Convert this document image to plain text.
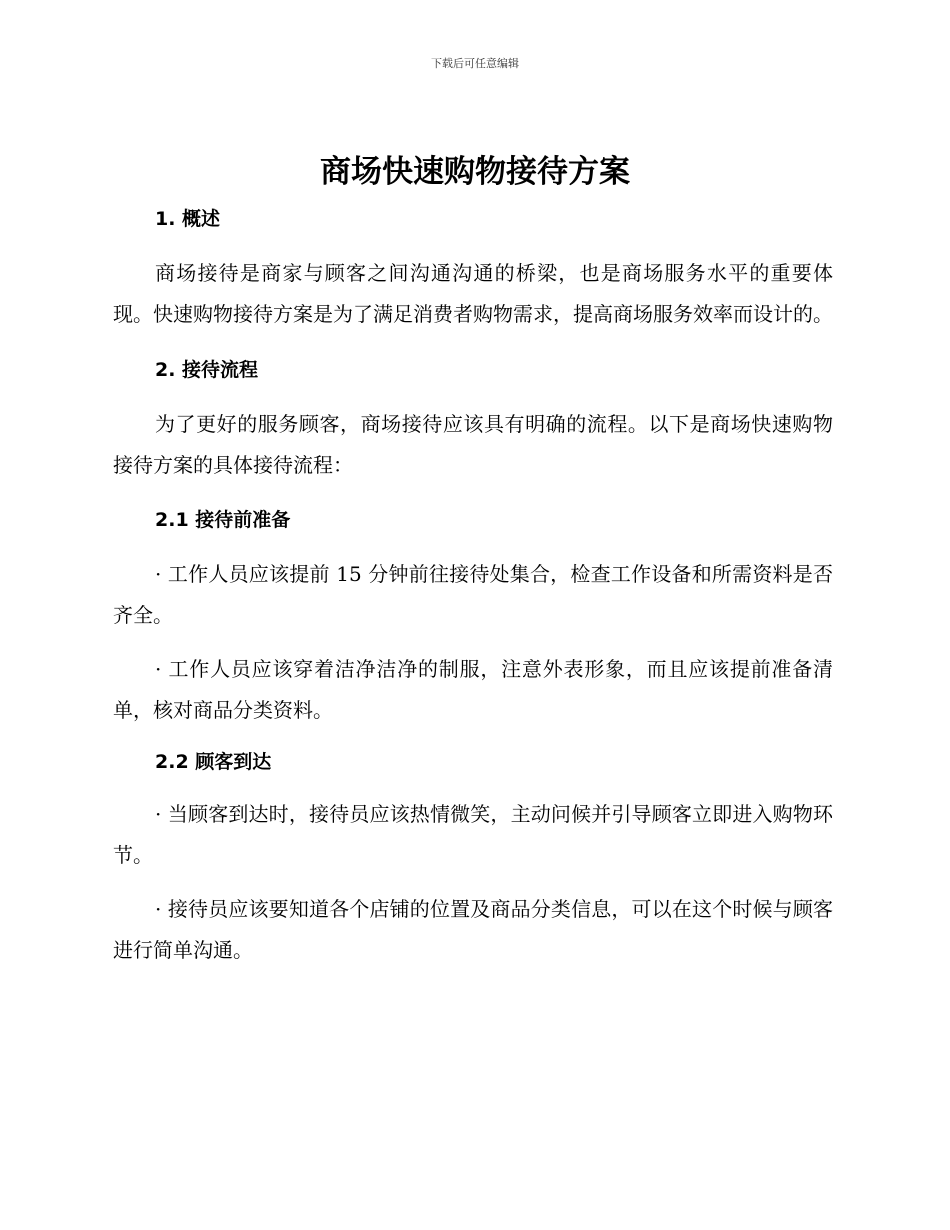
下载后可任意编辑
商场快速购物接待方案
1. 概述

商场接待是商家与顾客之间沟通沟通的桥梁，也是商场服务水平的重要体现。快速购物接待方案是为了满足消费者购物需求，提高商场服务效率而设计的。

2. 接待流程

为了更好的服务顾客，商场接待应该具有明确的流程。以下是商场快速购物接待方案的具体接待流程：

2.1 接待前准备

· 工作人员应该提前 15 分钟前往接待处集合，检查工作设备和所需资料是否齐全。

· 工作人员应该穿着洁净洁净的制服，注意外表形象，而且应该提前准备清单，核对商品分类资料。

2.2 顾客到达

· 当顾客到达时，接待员应该热情微笑，主动问候并引导顾客立即进入购物环节。

· 接待员应该要知道各个店铺的位置及商品分类信息，可以在这个时候与顾客进行简单沟通。
